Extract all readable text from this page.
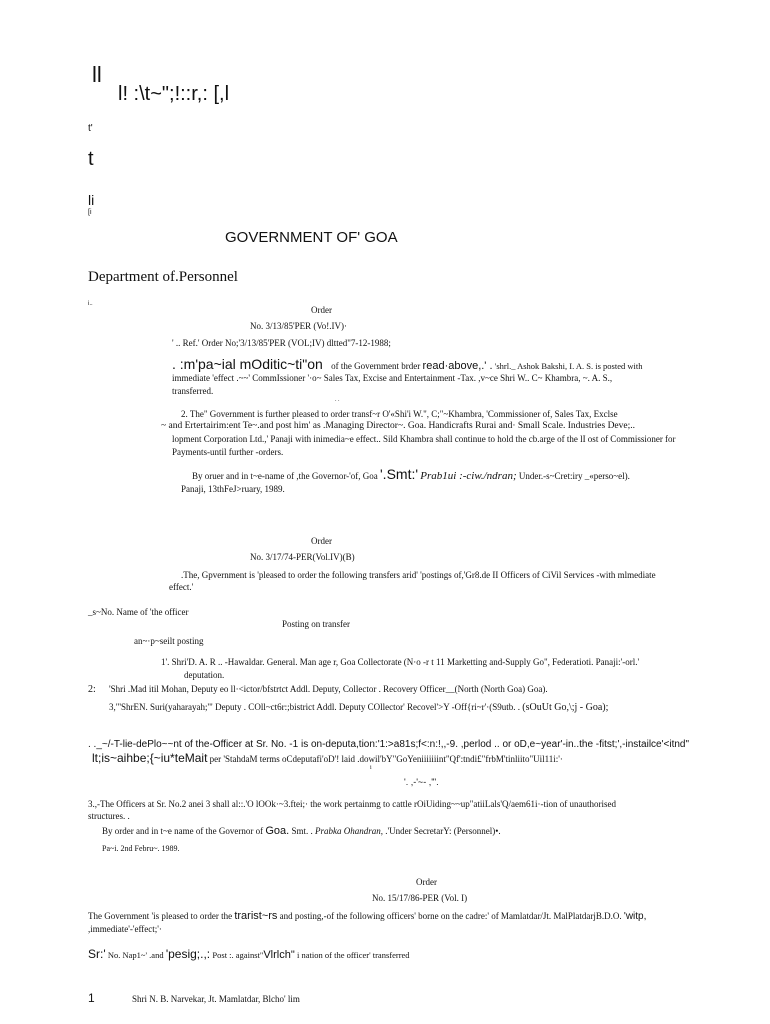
ll
l! :\t~";!::r,: [,l
t'
t
li
[i
GOVERNMENT OF' GOA
Department of.Personnel
i..
Order
No. 3/13/85'PER (Vo!.IV)·
' .. Ref.' Order No;'3/13/85'PER (VOL;IV) dltted"7-12-1988;
. :m'pa~ial mOditic~ti"on of the Government brder read·above,.' . 'shrl._ Ashok Bakshi, I. A. S. is posted with
immediate 'effect .~~' CommIssioner '·o~ Sales Tax, Excise and Entertainment -Tax. ,v~ce Shri W.. C~ Khambra, ~. A. S.,
transferred.
. .
2. The" Government is further pleased to order transf~r O'«Shi'i W.", C;"~Khambra, 'Commissioner of, Sales Tax, Exclse
~ and Ertertairim:ent Te~.and post him' as .Managing Director~. Goa. Handicrafts Rurai and· Small Scale. Industries Deve;..
lopment Corporation Ltd.,' Panaji with inimedia~e effect.. Sild Khambra shall continue to hold the cb.arge of the lI ost of Commissioner for
Payments-until further -orders.
By oruer and in t~e-name of ,the Governor-'of, Goa '.Smt:' Prab1ui :-ciw./ndran; Under.-s~Cret:iry _«perso~el).
Panaji, 13thFeJ>ruary, 1989.
Order
No. 3/17/74-PER(Vol.IV)(B)
.The, Gpvernment is 'pleased to order the following transfers arid' 'postings of,'Gr8.de II Officers of CiVil Services -with mlmediate
effect.'
_s~No. Name of 'the officer
Posting on transfer
an~·p~seilt posting
1'. Shri'D. A. R .. -Hawaldar. General. Man age r, Goa Collectorate (N·o -r t 11 Marketting and-Supply Go", Federatioti. Panaji:'-orl.'
deputation.
2: 'Shri .Mad itil Mohan, Deputy eo ll·<ictor/bfstrtct Addl. Deputy, Collector . Recovery Officer__(North (North Goa) Goa).
3,"'ShrEN. Suri(yaharayah;'" Deputy . COll~ct6r:;bistrict Addl. Deputy COllector' Recovel'>Y -Off{ri~r'·(S9utb. . (sOuUt Go,\;j - Goa);
. ._~/-T-lie-dePlo~~nt of the-Officer at Sr. No. -1 is on-deputa,tion:'1:>a81s;f<:n:!,,-9. ,perlod .. or oD,e~year'-in..the -fitst;',-instailce'<itnd"
lt;is~aihbe;{~iu*teMait per 'StahdaM terms oCdeputafi'oD'! laid .dowil'bY"GoYeniiiiiiint"Qf':tndi£"frbM'tinliito"Uil11i:'·
i
'. ,-'~- ,'".
3.,-The Officers at Sr. No.2 anei 3 shall al::.'O lOOk·~3.ftei;· the work pertainmg to cattle rOiUiding~~up"atiiLals'Q/aem61i·-tion of unauthorised
structures. .
By order and in t~e name of the Governor of Goa. Smt. . Prabka Ohandran, .'Under SecretarY: (Personnel)•.
Pa~i. 2nd Febru~. 1989.
Order
No. 15/17/86-PER (Vol. I)
The Government 'is pleased to order the trarist~rs and posting,-of the following officers' borne on the cadre:' of Mamlatdar/Jt. MalPlatdarjB.D.O. 'witp,
,immediate'-'effect;'·
Sr:' No. Nap1~' .and 'pesig;.,: Post :. against"Vlrlch" i nation of the officer' transferred
1	Shri N. B. Narvekar, Jt. Mamlatdar, Blcho' lim
